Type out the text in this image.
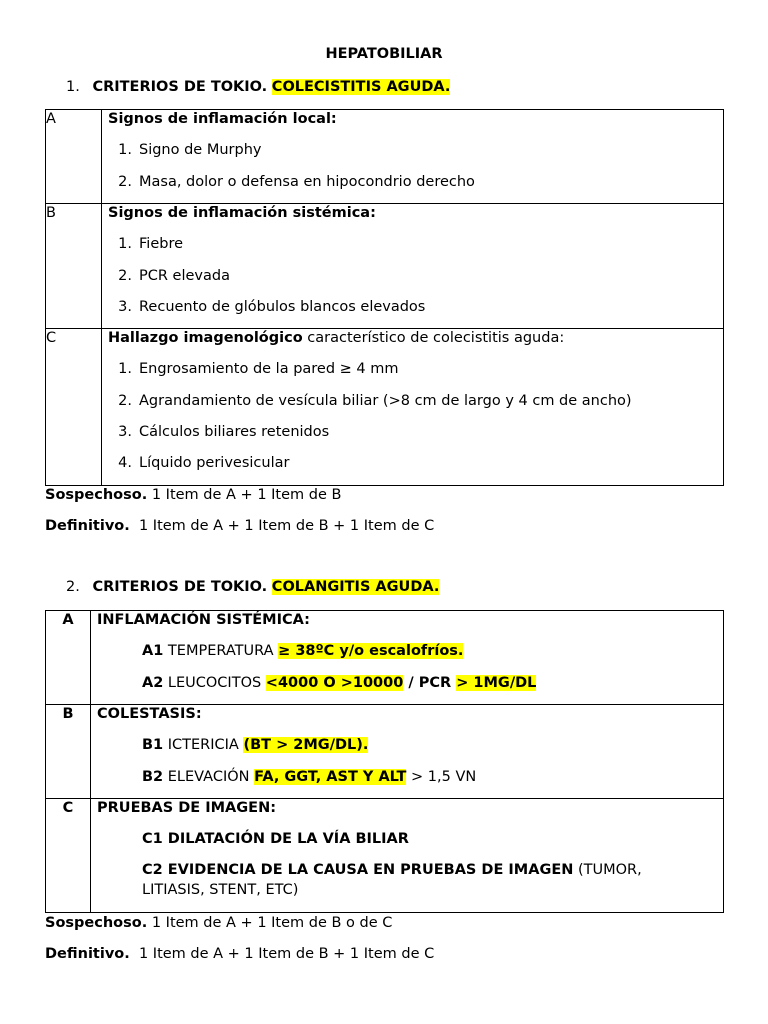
HEPATOBILIAR
1. CRITERIOS DE TOKIO. COLECISTITIS AGUDA.
A	Signos de inflamación local:
1. Signo de Murphy
2. Masa, dolor o defensa en hipocondrio derecho

B	Signos de inflamación sistémica:
1. Fiebre
2. PCR elevada
3. Recuento de glóbulos blancos elevados

C	Hallazgo imagenológico característico de colecistitis aguda:
1. Engrosamiento de la pared ≥ 4 mm
2. Agrandamiento de vesícula biliar (>8 cm de largo y 4 cm de ancho)
3. Cálculos biliares retenidos
4. Líquido perivesicular
Sospechoso. 1 Item de A + 1 Item de B
Definitivo.  1 Item de A + 1 Item de B + 1 Item de C
2. CRITERIOS DE TOKIO. COLANGITIS AGUDA.
A	INFLAMACIÓN SISTÉMICA:
A1 TEMPERATURA ≥ 38ºC y/o escalofríos.
A2 LEUCOCITOS <4000 O >10000 / PCR > 1MG/DL

B	COLESTASIS:
B1 ICTERICIA (BT > 2MG/DL).
B2 ELEVACIÓN FA, GGT, AST Y ALT > 1,5 VN

C	PRUEBAS DE IMAGEN:
C1 DILATACIÓN DE LA VÍA BILIAR
C2 EVIDENCIA DE LA CAUSA EN PRUEBAS DE IMAGEN (TUMOR,
LITIASIS, STENT, ETC)
Sospechoso. 1 Item de A + 1 Item de B o de C
Definitivo.  1 Item de A + 1 Item de B + 1 Item de C
